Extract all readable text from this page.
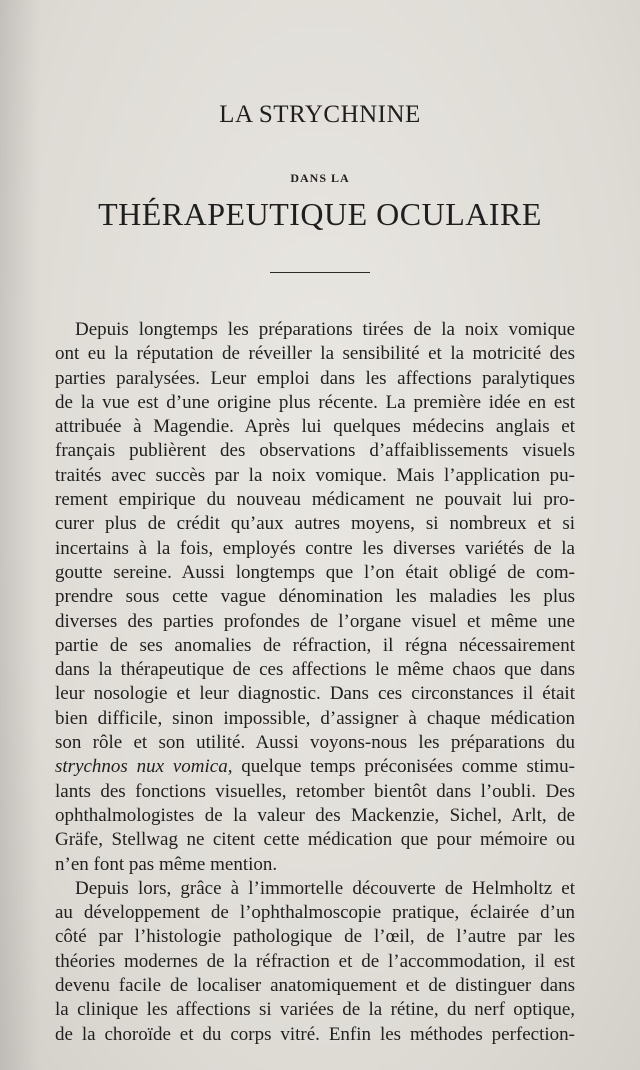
LA STRYCHNINE
DANS LA
THÉRAPEUTIQUE OCULAIRE
Depuis longtemps les préparations tirées de la noix vomique
ont eu la réputation de réveiller la sensibilité et la motricité des
parties paralysées. Leur emploi dans les affections paralytiques
de la vue est d’une origine plus récente. La première idée en est
attribuée à Magendie. Après lui quelques médecins anglais et
français publièrent des observations d’affaiblissements visuels
traités avec succès par la noix vomique. Mais l’application pu-
rement empirique du nouveau médicament ne pouvait lui pro-
curer plus de crédit qu’aux autres moyens, si nombreux et si
incertains à la fois, employés contre les diverses variétés de la
goutte sereine. Aussi longtemps que l’on était obligé de com-
prendre sous cette vague dénomination les maladies les plus
diverses des parties profondes de l’organe visuel et même une
partie de ses anomalies de réfraction, il régna nécessairement
dans la thérapeutique de ces affections le même chaos que dans
leur nosologie et leur diagnostic. Dans ces circonstances il était
bien difficile, sinon impossible, d’assigner à chaque médication
son rôle et son utilité. Aussi voyons-nous les préparations du
strychnos nux vomica, quelque temps préconisées comme stimu-
lants des fonctions visuelles, retomber bientôt dans l’oubli. Des
ophthalmologistes de la valeur des Mackenzie, Sichel, Arlt, de
Gräfe, Stellwag ne citent cette médication que pour mémoire ou
n’en font pas même mention.
Depuis lors, grâce à l’immortelle découverte de Helmholtz et
au développement de l’ophthalmoscopie pratique, éclairée d’un
côté par l’histologie pathologique de l’œil, de l’autre par les
théories modernes de la réfraction et de l’accommodation, il est
devenu facile de localiser anatomiquement et de distinguer dans
la clinique les affections si variées de la rétine, du nerf optique,
de la choroïde et du corps vitré. Enfin les méthodes perfection-
